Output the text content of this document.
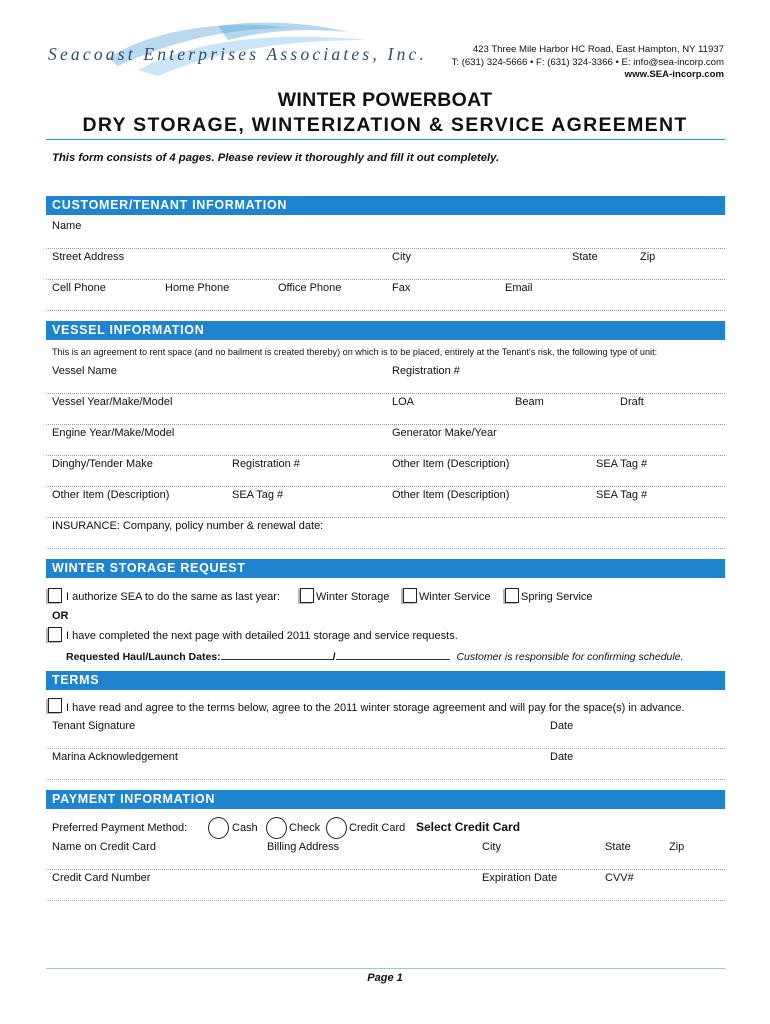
Seacoast Enterprises Associates, Inc.	423 Three Mile Harbor HC Road, East Hampton, NY 11937
T: (631) 324-5666 • F: (631) 324-3366 • E: info@sea-incorp.com
www.SEA-incorp.com
WINTER POWERBOAT
DRY STORAGE, WINTERIZATION & SERVICE AGREEMENT
This form consists of 4 pages. Please review it thoroughly and fill it out completely.
CUSTOMER/TENANT INFORMATION
Name
Street Address	City	State	Zip
Cell Phone	Home Phone	Office Phone	Fax	Email
VESSEL INFORMATION
This is an agreement to rent space (and no bailment is created thereby) on which is to be placed, entirely at the Tenant's risk, the following type of unit:
Vessel Name	Registration #
Vessel Year/Make/Model	LOA	Beam	Draft
Engine Year/Make/Model	Generator Make/Year
Dinghy/Tender Make	Registration #	Other Item (Description)	SEA Tag #
Other Item (Description)	SEA Tag #	Other Item (Description)	SEA Tag #
INSURANCE: Company, policy number & renewal date:
WINTER STORAGE REQUEST
I authorize SEA to do the same as last year:	Winter Storage	Winter Service	Spring Service
OR
I have completed the next page with detailed 2011 storage and service requests.
Requested Haul/Launch Dates:	/	Customer is responsible for confirming schedule.
TERMS
I have read and agree to the terms below, agree to the 2011 winter storage agreement and will pay for the space(s) in advance.
Tenant Signature	Date
Marina Acknowledgement	Date
PAYMENT INFORMATION
Preferred Payment Method:	Cash	Check	Credit Card Select Credit Card
Name on Credit Card	Billing Address	City	State	Zip
Credit Card Number	Expiration Date	CVV#
Page 1
